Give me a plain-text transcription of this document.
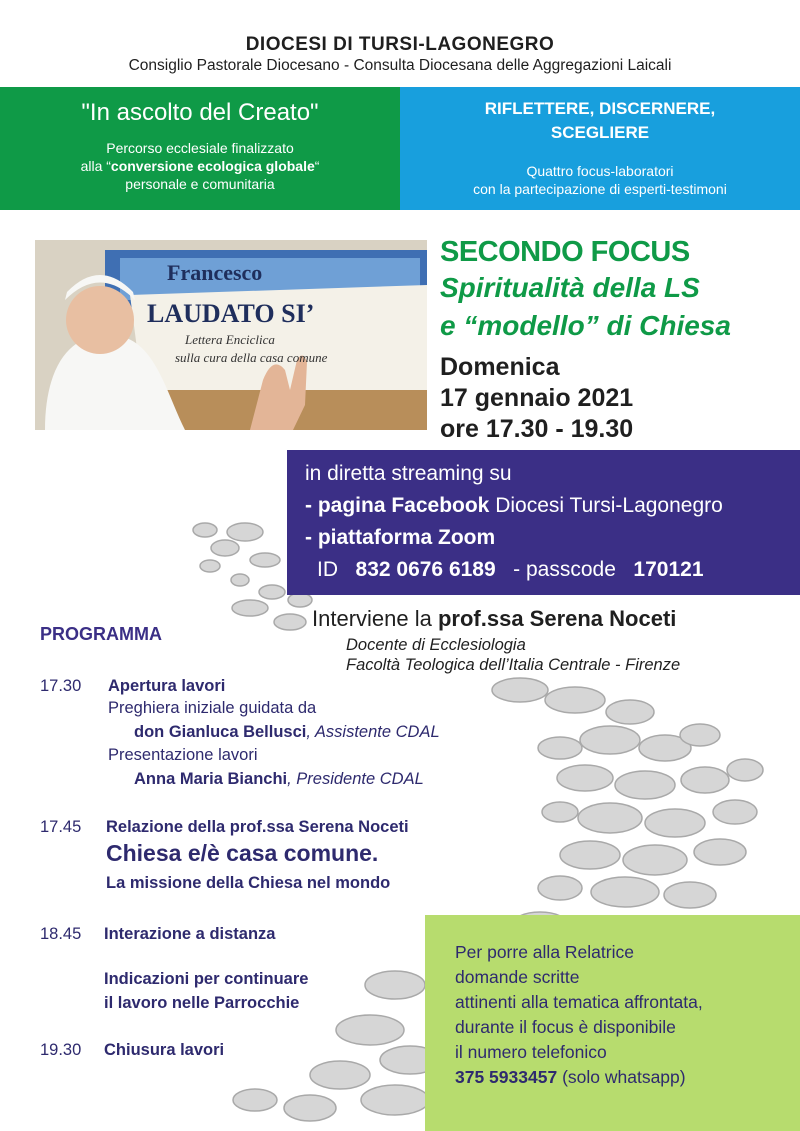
DIOCESI DI TURSI-LAGONEGRO
Consiglio Pastorale Diocesano - Consulta Diocesana delle Aggregazioni Laicali
"In ascolto del Creato"
Percorso ecclesiale finalizzato
alla “conversione ecologica globale“
personale e comunitaria
RIFLETTERE, DISCERNERE,
SCEGLIERE
Quattro focus-laboratori
con la partecipazione di esperti-testimoni
Francesco
LAUDATO SI’
Lettera Enciclica
sulla cura della casa comune
SECONDO FOCUS
Spiritualità della LS
e “modello” di Chiesa
Domenica
17 gennaio 2021
ore 17.30 - 19.30
in diretta streaming su
- pagina Facebook Diocesi Tursi-Lagonegro
- piattaforma Zoom
ID 832 0676 6189 - passcode 170121
Interviene la prof.ssa Serena Noceti
Docente di Ecclesiologia
Facoltà Teologica dell’Italia Centrale - Firenze
PROGRAMMA
17.30 Apertura lavori
Preghiera iniziale guidata da
don Gianluca Bellusci, Assistente CDAL
Presentazione lavori
Anna Maria Bianchi, Presidente CDAL
17.45 Relazione della prof.ssa Serena Noceti
Chiesa e/è casa comune.
La missione della Chiesa nel mondo
18.45 Interazione a distanza
Indicazioni per continuare
il lavoro nelle Parrocchie
19.30 Chiusura lavori
Per porre alla Relatrice
domande scritte
attinenti alla tematica affrontata,
durante il focus è disponibile
il numero telefonico
375 5933457 (solo whatsapp)
